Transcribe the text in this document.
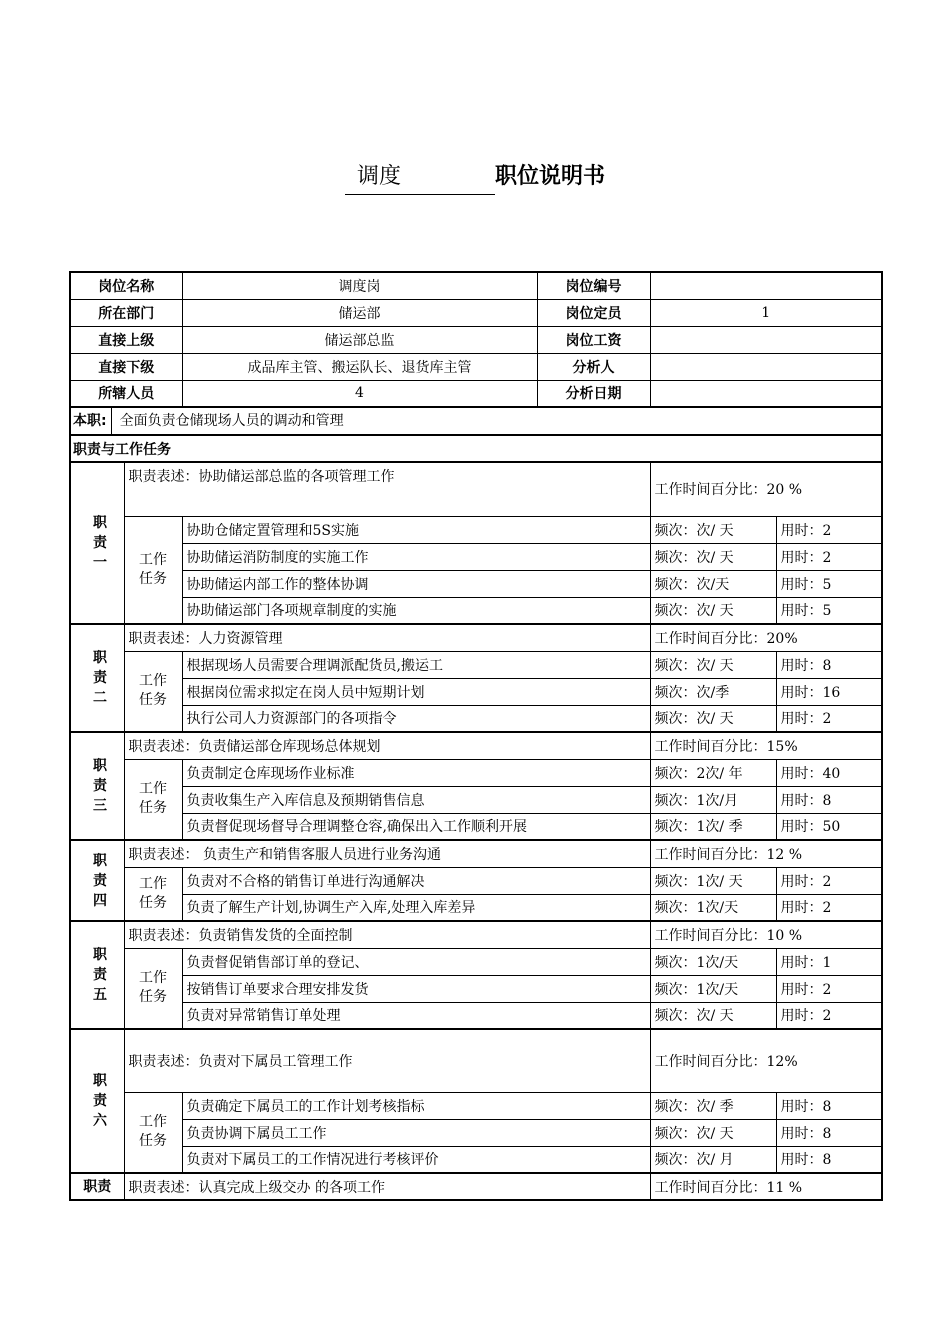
调度	职位说明书
岗位名称		调度岗	岗位编号		
所在部门		储运部	岗位定员	1	
直接上级		储运部总监	岗位工资		
直接下级		成品库主管、搬运队长、退货库主管	分析人		
所辖人员		4	分析日期		
本职: 全面负责仓储现场人员的调动和管理					
职责与工作任务					
职责一	职责表述：协助储运部总监的各项管理工作			工作时间百分比：20 %	
	工作任务	协助仓储定置管理和5S实施		频次：次/ 天	用时：2
		协助储运消防制度的实施工作		频次：次/ 天	用时：2
		协助储运内部工作的整体协调		频次：次/天	用时：5
		协助储运部门各项规章制度的实施		频次：次/ 天	用时：5
职责二	职责表述：人力资源管理			工作时间百分比：20%	
	工作任务	根据现场人员需要合理调派配货员,搬运工		频次：次/ 天	用时：8
		根据岗位需求拟定在岗人员中短期计划		频次：次/季	用时：16
		执行公司人力资源部门的各项指令		频次：次/ 天	用时：2
职责三	职责表述：负责储运部仓库现场总体规划			工作时间百分比：15%	
	工作任务	负责制定仓库现场作业标准		频次：2次/ 年	用时：40
		负责收集生产入库信息及预期销售信息		频次：1次/月	用时：8
		负责督促现场督导合理调整仓容,确保出入工作顺利开展		频次：1次/ 季	用时：50
职责四	职责表述： 负责生产和销售客服人员进行业务沟通			工作时间百分比：12 %	
	工作任务	负责对不合格的销售订单进行沟通解决		频次：1次/ 天	用时：2
		负责了解生产计划,协调生产入库,处理入库差异		频次：1次/天	用时：2
职责五	职责表述：负责销售发货的全面控制			工作时间百分比：10 %	
	工作任务	负责督促销售部订单的登记、		频次：1次/天	用时：1
		按销售订单要求合理安排发货		频次：1次/天	用时：2
		负责对异常销售订单处理		频次：次/ 天	用时：2
职责六	职责表述：负责对下属员工管理工作			工作时间百分比：12%	
	工作任务	负责确定下属员工的工作计划考核指标		频次：次/ 季	用时：8
		负责协调下属员工工作		频次：次/ 天	用时：8
		负责对下属员工的工作情况进行考核评价		频次：次/ 月	用时：8
职责	职责表述：认真完成上级交办 的各项工作			工作时间百分比：11 %	
